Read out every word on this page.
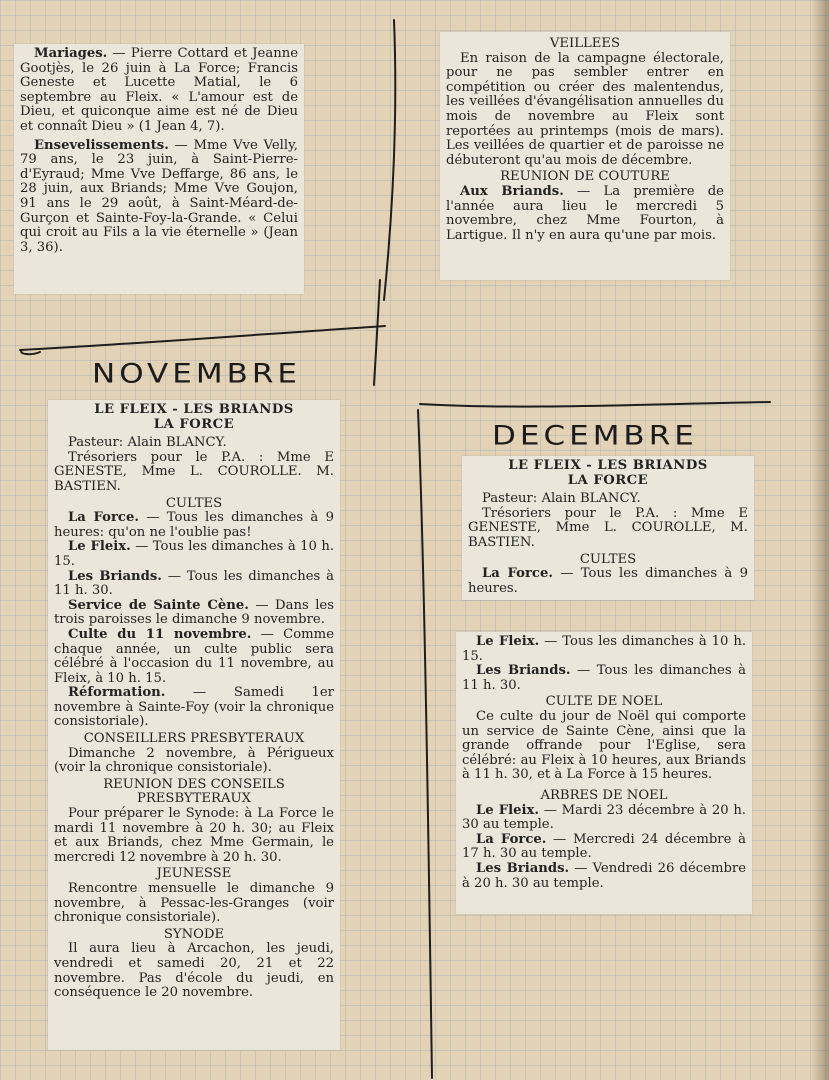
Mariages. — Pierre Cottard et Jeanne Gootjès, le 26 juin à La Force; Francis Geneste et Lucette Matial, le 6 septembre au Fleix. « L'amour est de Dieu, et quiconque aime est né de Dieu et connaît Dieu » (1 Jean 4, 7).

Ensevelissements. — Mme Vve Velly, 79 ans, le 23 juin, à Saint-Pierre-d'Eyraud; Mme Vve Deffarge, 86 ans, le 28 juin, aux Briands; Mme Vve Goujon, 91 ans le 29 août, à Saint-Méard-de-Gurçon et Sainte-Foy-la-Grande. « Celui qui croit au Fils a la vie éternelle » (Jean 3, 36).

VEILLEES

En raison de la campagne électorale, pour ne pas sembler entrer en compétition ou créer des malentendus, les veillées d'évangélisation annuelles du mois de novembre au Fleix sont reportées au printemps (mois de mars). Les veillées de quartier et de paroisse ne débuteront qu'au mois de décembre.

REUNION DE COUTURE

Aux Briands. — La première de l'année aura lieu le mercredi 5 novembre, chez Mme Fourton, à Lartigue. Il n'y en aura qu'une par mois.

NOVEMBRE
DECEMBRE

LE FLEIX - LES BRIANDS

LA FORCE

Pasteur: Alain BLANCY.

Trésoriers pour le P.A. : Mme E GENESTE, Mme L. COUROLLE. M. BASTIEN.

CULTES

La Force. — Tous les dimanches à 9 heures: qu'on ne l'oublie pas!

Le Fleix. — Tous les dimanches à 10 h. 15.

Les Briands. — Tous les dimanches à 11 h. 30.

Service de Sainte Cène. — Dans les trois paroisses le dimanche 9 novembre.

Culte du 11 novembre. — Comme chaque année, un culte public sera célébré à l'occasion du 11 novembre, au Fleix, à 10 h. 15.

Réformation. — Samedi 1er novembre à Sainte-Foy (voir la chronique consistoriale).

CONSEILLERS PRESBYTERAUX

Dimanche 2 novembre, à Périgueux (voir la chronique consistoriale).

REUNION DES CONSEILS

PRESBYTERAUX

Pour préparer le Synode: à La Force le mardi 11 novembre à 20 h. 30; au Fleix et aux Briands, chez Mme Germain, le mercredi 12 novembre à 20 h. 30.

JEUNESSE

Rencontre mensuelle le dimanche 9 novembre, à Pessac-les-Granges (voir chronique consistoriale).

SYNODE

Il aura lieu à Arcachon, les jeudi, vendredi et samedi 20, 21 et 22 novembre. Pas d'école du jeudi, en conséquence le 20 novembre.

LE FLEIX - LES BRIANDS

LA FORCE

Pasteur: Alain BLANCY.

Trésoriers pour le P.A. : Mme E GENESTE, Mme L. COUROLLE, M. BASTIEN.

CULTES

La Force. — Tous les dimanches à 9 heures.

Le Fleix. — Tous les dimanches à 10 h. 15.

Les Briands. — Tous les dimanches à 11 h. 30.

CULTE DE NOEL

Ce culte du jour de Noël qui comporte un service de Sainte Cène, ainsi que la grande offrande pour l'Eglise, sera célébré: au Fleix à 10 heures, aux Briands à 11 h. 30, et à La Force à 15 heures.

ARBRES DE NOEL

Le Fleix. — Mardi 23 décembre à 20 h. 30 au temple.

La Force. — Mercredi 24 décembre à 17 h. 30 au temple.

Les Briands. — Vendredi 26 décembre à 20 h. 30 au temple.
